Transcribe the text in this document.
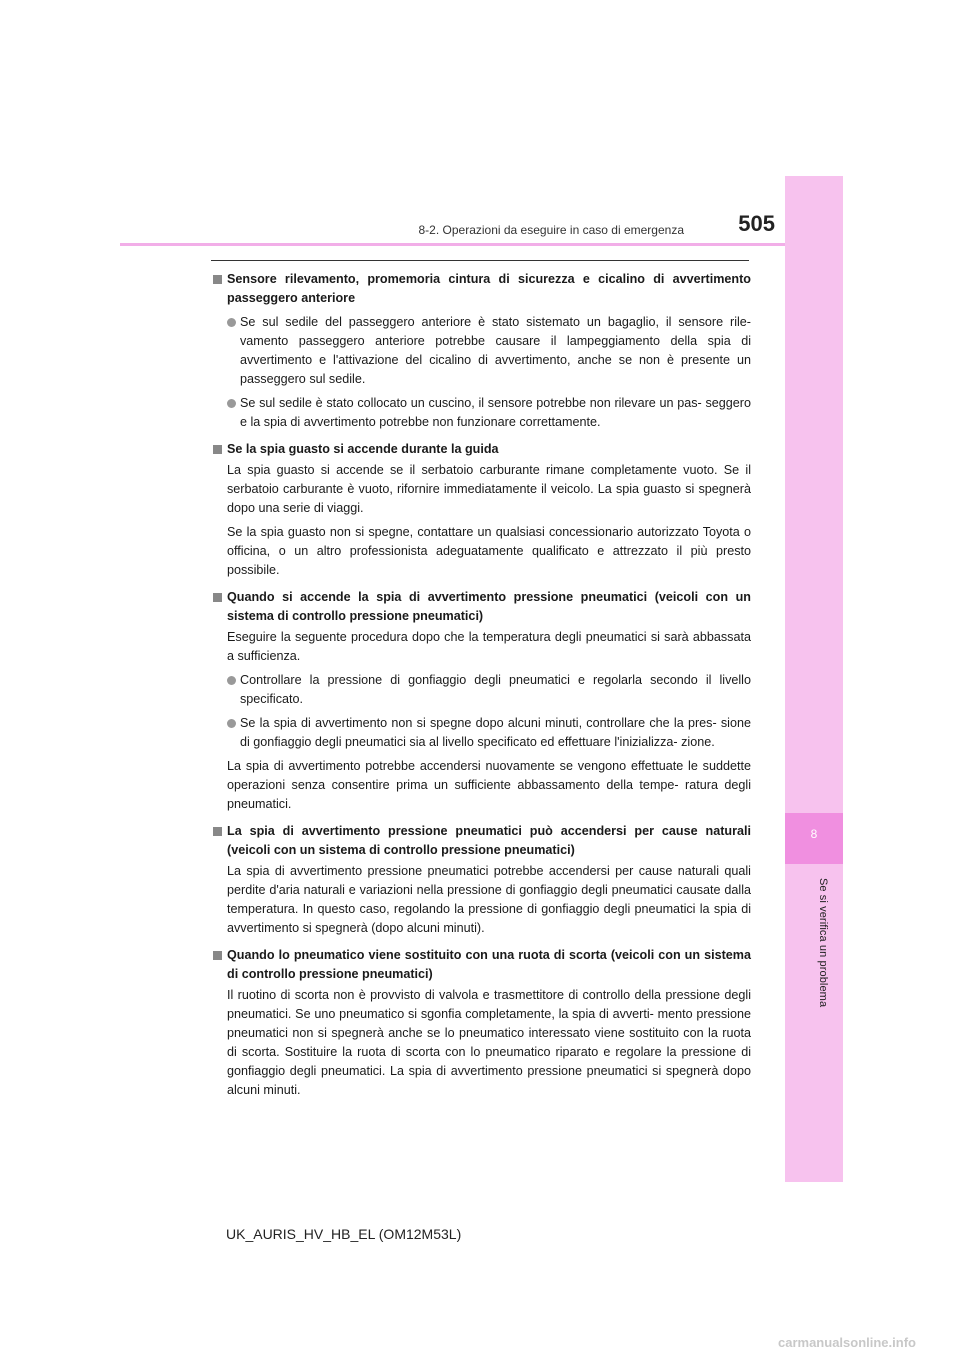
8
Se si verifica un problema
8-2. Operazioni da eseguire in caso di emergenza	505
Sensore rilevamento, promemoria cintura di sicurezza e cicalino di avvertimento passeggero anteriore
Se sul sedile del passeggero anteriore è stato sistemato un bagaglio, il sensore rile- vamento passeggero anteriore potrebbe causare il lampeggiamento della spia di avvertimento e l'attivazione del cicalino di avvertimento, anche se non è presente un passeggero sul sedile.
Se sul sedile è stato collocato un cuscino, il sensore potrebbe non rilevare un pas- seggero e la spia di avvertimento potrebbe non funzionare correttamente.
Se la spia guasto si accende durante la guida
La spia guasto si accende se il serbatoio carburante rimane completamente vuoto. Se il serbatoio carburante è vuoto, rifornire immediatamente il veicolo. La spia guasto si spegnerà dopo una serie di viaggi.
Se la spia guasto non si spegne, contattare un qualsiasi concessionario autorizzato Toyota o officina, o un altro professionista adeguatamente qualificato e attrezzato il più presto possibile.
Quando si accende la spia di avvertimento pressione pneumatici (veicoli con un sistema di controllo pressione pneumatici)
Eseguire la seguente procedura dopo che la temperatura degli pneumatici si sarà abbassata a sufficienza.
Controllare la pressione di gonfiaggio degli pneumatici e regolarla secondo il livello specificato.
Se la spia di avvertimento non si spegne dopo alcuni minuti, controllare che la pres- sione di gonfiaggio degli pneumatici sia al livello specificato ed effettuare l'inizializza- zione.
La spia di avvertimento potrebbe accendersi nuovamente se vengono effettuate le suddette operazioni senza consentire prima un sufficiente abbassamento della tempe- ratura degli pneumatici.
La spia di avvertimento pressione pneumatici può accendersi per cause naturali (veicoli con un sistema di controllo pressione pneumatici)
La spia di avvertimento pressione pneumatici potrebbe accendersi per cause naturali quali perdite d'aria naturali e variazioni nella pressione di gonfiaggio degli pneumatici causate dalla temperatura. In questo caso, regolando la pressione di gonfiaggio degli pneumatici la spia di avvertimento si spegnerà (dopo alcuni minuti).
Quando lo pneumatico viene sostituito con una ruota di scorta (veicoli con un sistema di controllo pressione pneumatici)
Il ruotino di scorta non è provvisto di valvola e trasmettitore di controllo della pressione degli pneumatici. Se uno pneumatico si sgonfia completamente, la spia di avverti- mento pressione pneumatici non si spegnerà anche se lo pneumatico interessato viene sostituito con la ruota di scorta. Sostituire la ruota di scorta con lo pneumatico riparato e regolare la pressione di gonfiaggio degli pneumatici. La spia di avvertimento pressione pneumatici si spegnerà dopo alcuni minuti.
UK_AURIS_HV_HB_EL (OM12M53L)
carmanualsonline.info
